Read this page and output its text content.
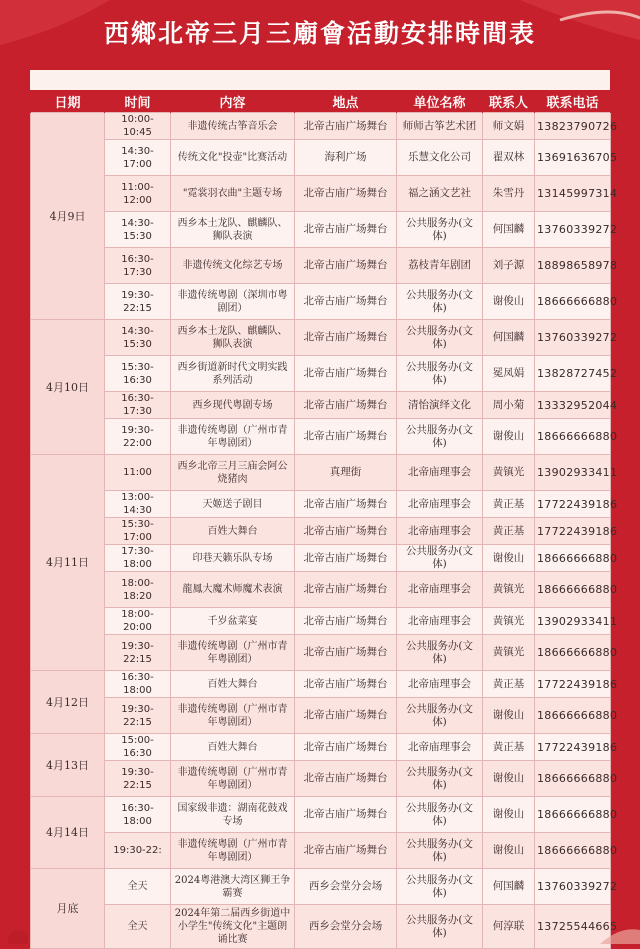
西鄉北帝三月三廟會活動安排時間表
日期	时间	内容	地点	单位名称	联系人	联系电话
4月9日	10:00-10:45	非遗传统古筝音乐会	北帝古庙广场舞台	师师古筝艺术团	师文娟	13823790726
	14:30-17:00	传统文化"投壶"比赛活动	海利广场	乐慧文化公司	翟双林	13691636705
	11:00-12:00	"霓裳羽衣曲"主题专场	北帝古庙广场舞台	福之涵文艺社	朱雪丹	13145997314
	14:30-15:30	西乡本土龙队、麒麟队、狮队表演	北帝古庙广场舞台	公共服务办(文体)	何国麟	13760339272
	16:30-17:30	非遗传统文化综艺专场	北帝古庙广场舞台	荔枝青年剧团	刘子源	18898658978
	19:30-22:15	非遗传统粤剧（深圳市粤剧团）	北帝古庙广场舞台	公共服务办(文体)	谢俊山	18666666880
4月10日	14:30-15:30	西乡本土龙队、麒麟队、狮队表演	北帝古庙广场舞台	公共服务办(文体)	何国麟	13760339272
	15:30-16:30	西乡街道新时代文明实践系列活动	北帝古庙广场舞台	公共服务办(文体)	冕凤娟	13828727452
	16:30-17:30	西乡现代粤剧专场	北帝古庙广场舞台	清怡演绎文化	周小菊	13332952044
	19:30-22:00	非遗传统粤剧（广州市青年粤剧团）	北帝古庙广场舞台	公共服务办(文体)	谢俊山	18666666880
4月11日	11:00	西乡北帝三月三庙会阿公烧猪肉	真理街	北帝庙理事会	黄镇光	13902933411
	13:00-14:30	天姬送子剧目	北帝古庙广场舞台	北帝庙理事会	黄正基	17722439186
	15:30-17:00	百姓大舞台	北帝古庙广场舞台	北帝庙理事会	黄正基	17722439186
	17:30-18:00	印巷天籁乐队专场	北帝古庙广场舞台	公共服务办(文体)	谢俊山	18666666880
	18:00-18:20	龍鳳大魔术师魔术表演	北帝古庙广场舞台	北帝庙理事会	黄镇光	18666666880
	18:00-20:00	千岁盆菜宴	北帝古庙广场舞台	北帝庙理事会	黄镇光	13902933411
	19:30-22:15	非遗传统粤剧（广州市青年粤剧团）	北帝古庙广场舞台	公共服务办(文体)	黄镇光	18666666880
4月12日	16:30-18:00	百姓大舞台	北帝古庙广场舞台	北帝庙理事会	黄正基	17722439186
	19:30-22:15	非遗传统粤剧（广州市青年粤剧团）	北帝古庙广场舞台	公共服务办(文体)	谢俊山	18666666880
4月13日	15:00-16:30	百姓大舞台	北帝古庙广场舞台	北帝庙理事会	黄正基	17722439186
	19:30-22:15	非遗传统粤剧（广州市青年粤剧团）	北帝古庙广场舞台	公共服务办(文体)	谢俊山	18666666880
4月14日	16:30-18:00	国家级非遗：湖南花鼓戏专场	北帝古庙广场舞台	公共服务办(文体)	谢俊山	18666666880
	19:30-22:	非遗传统粤剧（广州市青年粤剧团）	北帝古庙广场舞台	公共服务办(文体)	谢俊山	18666666880
月底	全天	2024粤港澳大湾区狮王争霸赛	西乡会堂分会场	公共服务办(文体)	何国麟	13760339272
	全天	2024年第二届西乡街道中小学生"传统文化"主题朗诵比赛	西乡会堂分会场	公共服务办(文体)	何淳联	13725544665
